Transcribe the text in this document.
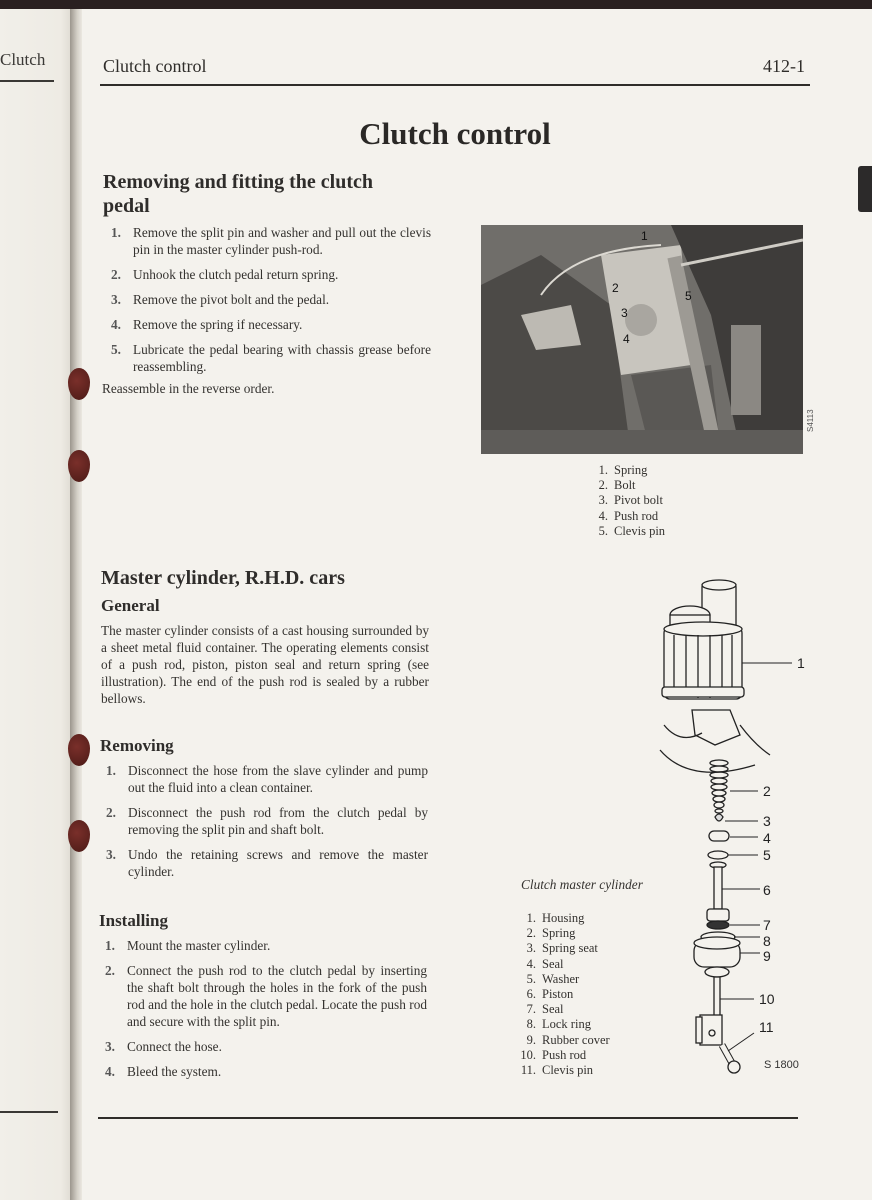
Clutch	Clutch control	412-1
Clutch control
Removing and fitting the clutch pedal
1. Remove the split pin and washer and pull out the clevis pin in the master cylinder push-rod.
2. Unhook the clutch pedal return spring.
3. Remove the pivot bolt and the pedal.
4. Remove the spring if necessary.
5. Lubricate the pedal bearing with chassis grease before reassembling.
Reassemble in the reverse order.
1
2
3
4
5
S4113
1. Spring
2. Bolt
3. Pivot bolt
4. Push rod
5. Clevis pin
Master cylinder, R.H.D. cars
General
The master cylinder consists of a cast housing surrounded by a sheet metal fluid container. The operating elements consist of a push rod, piston, piston seal and return spring (see illustration). The end of the push rod is sealed by a rubber bellows.
Removing
1. Disconnect the hose from the slave cylinder and pump out the fluid into a clean container.
2. Disconnect the push rod from the clutch pedal by removing the split pin and shaft bolt.
3. Undo the retaining screws and remove the master cylinder.
Installing
1. Mount the master cylinder.
2. Connect the push rod to the clutch pedal by inserting the shaft bolt through the holes in the fork of the push rod and the hole in the clutch pedal. Locate the push rod and secure with the split pin.
3. Connect the hose.
4. Bleed the system.
Clutch master cylinder
1. Housing
2. Spring
3. Spring seat
4. Seal
5. Washer
6. Piston
7. Seal
8. Lock ring
9. Rubber cover
10. Push rod
11. Clevis pin
1
2
3
4
5
6
7
8
9
10
11
S 1800
